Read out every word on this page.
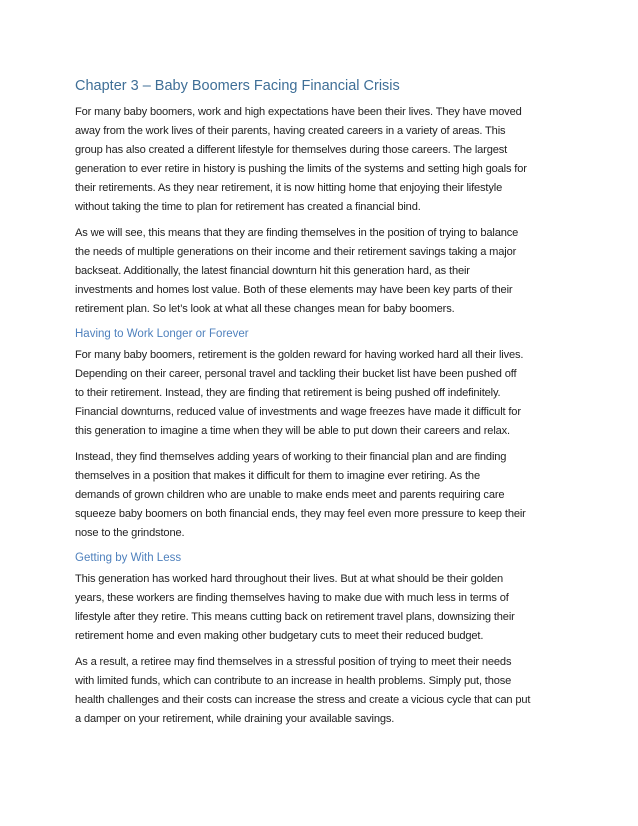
Chapter 3 – Baby Boomers Facing Financial Crisis

For many baby boomers, work and high expectations have been their lives. They have moved
away from the work lives of their parents, having created careers in a variety of areas. This
group has also created a different lifestyle for themselves during those careers. The largest
generation to ever retire in history is pushing the limits of the systems and setting high goals for
their retirements. As they near retirement, it is now hitting home that enjoying their lifestyle
without taking the time to plan for retirement has created a financial bind.

As we will see, this means that they are finding themselves in the position of trying to balance
the needs of multiple generations on their income and their retirement savings taking a major
backseat. Additionally, the latest financial downturn hit this generation hard, as their
investments and homes lost value. Both of these elements may have been key parts of their
retirement plan. So let’s look at what all these changes mean for baby boomers.

Having to Work Longer or Forever

For many baby boomers, retirement is the golden reward for having worked hard all their lives.
Depending on their career, personal travel and tackling their bucket list have been pushed off
to their retirement. Instead, they are finding that retirement is being pushed off indefinitely.
Financial downturns, reduced value of investments and wage freezes have made it difficult for
this generation to imagine a time when they will be able to put down their careers and relax.

Instead, they find themselves adding years of working to their financial plan and are finding
themselves in a position that makes it difficult for them to imagine ever retiring. As the
demands of grown children who are unable to make ends meet and parents requiring care
squeeze baby boomers on both financial ends, they may feel even more pressure to keep their
nose to the grindstone.

Getting by With Less

This generation has worked hard throughout their lives. But at what should be their golden
years, these workers are finding themselves having to make due with much less in terms of
lifestyle after they retire. This means cutting back on retirement travel plans, downsizing their
retirement home and even making other budgetary cuts to meet their reduced budget.

As a result, a retiree may find themselves in a stressful position of trying to meet their needs
with limited funds, which can contribute to an increase in health problems. Simply put, those
health challenges and their costs can increase the stress and create a vicious cycle that can put
a damper on your retirement, while draining your available savings.
